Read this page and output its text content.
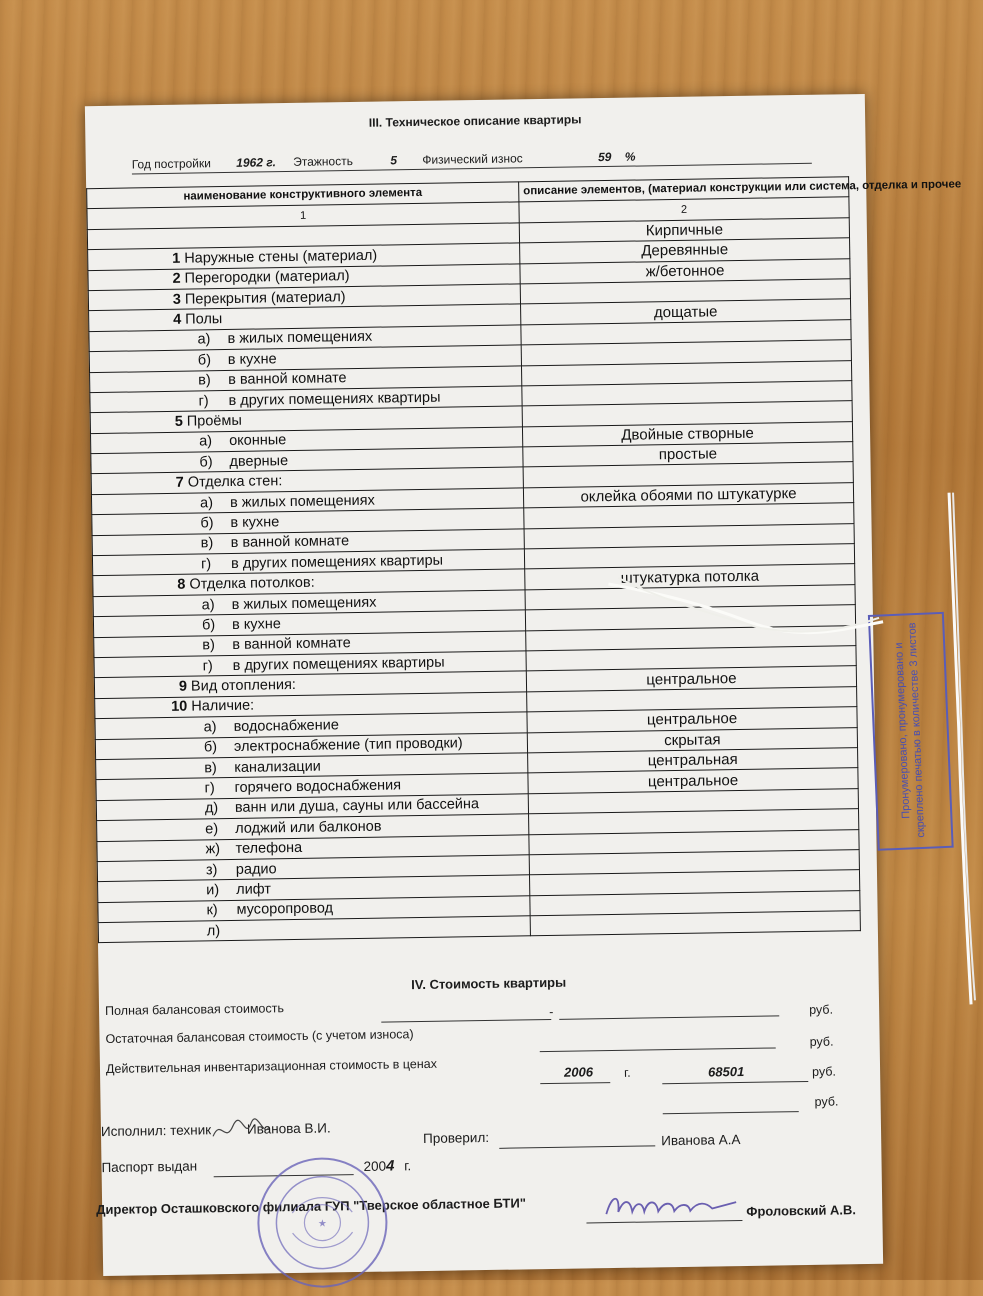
III. Техническое описание квартиры
Год постройки 1962 г. Этажность	5 Физический износ	59 %
наименование конструктивного элемента	описание элементов, (материал конструкции или система, отделка и прочее
1	2
	Кирпичные
1 Наружные стены (материал)	Деревянные
2 Перегородки (материал)	ж/бетонное
3 Перекрытия (материал)	
4 Полы	дощатые
а) в жилых помещениях	
б) в кухне	
в) в ванной комнате	
г) в других помещениях квартиры	
5 Проёмы	
а) оконные	Двойные створные
б) дверные	простые
7 Отделка стен:	
а) в жилых помещениях	оклейка обоями по штукатурке
б) в кухне	
в) в ванной комнате	
г) в других помещениях квартиры	
8 Отделка потолков:	штукатурка потолка
а) в жилых помещениях	
б) в кухне	
в) в ванной комнате	
г) в других помещениях квартиры	
9 Вид отопления:	центральное
10 Наличие:	
а) водоснабжение	центральное
б) электроснабжение (тип проводки)	скрытая
в) канализации	центральная
г) горячего водоснабжения	центральное
д) ванн или душа, сауны или бассейна	
е) лоджий или балконов	
ж) телефона	
з) радио	
и) лифт	
к) мусоропровод	
л)	
IV. Стоимость квартиры
Полная балансовая стоимость	-	руб.
Остаточная балансовая стоимость (с учетом износа)	руб.
Действительная инвентаризационная стоимость в ценах	2006 г.	68501	руб.
руб.
Исполнил: техник	Иванова В.И.
Проверил:	Иванова А.А
Паспорт выдан	2004 г.
Директор Осташковского филиала ГУП "Тверское областное БТИ"	Фроловский А.В.
★
Пронумеровано, пронумеровано и скреплено печатью в количестве 3 листов
